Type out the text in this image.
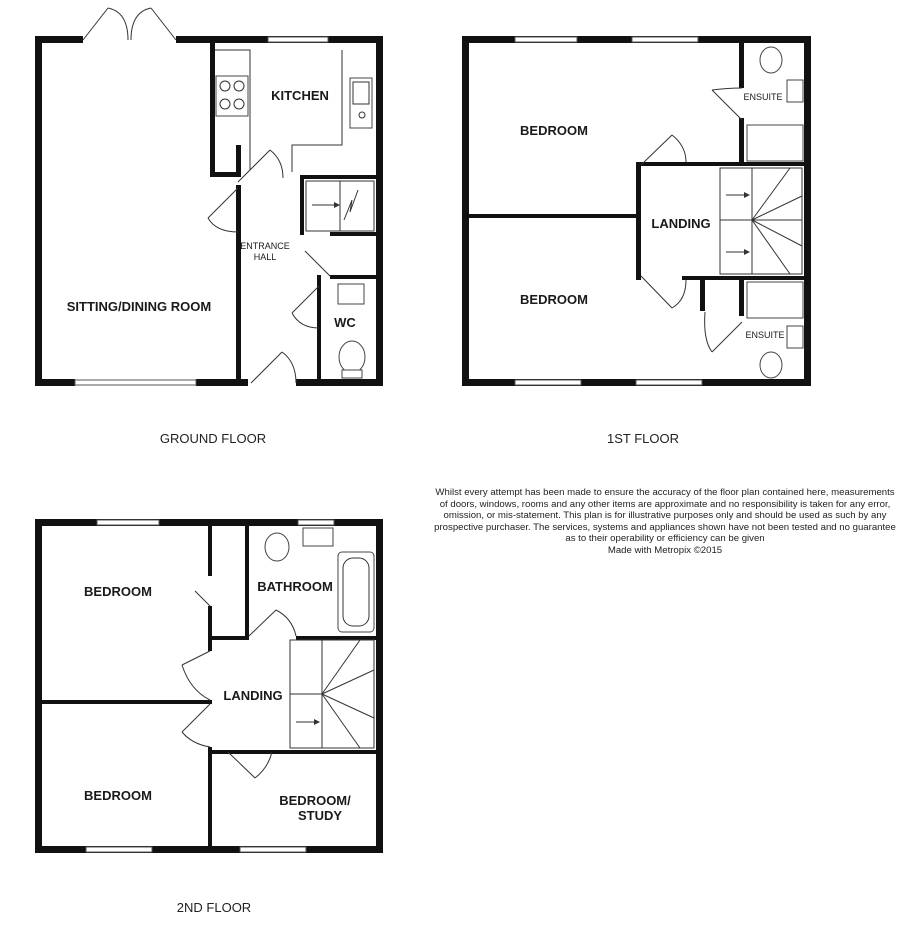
KITCHEN
ENTRANCE
HALL
SITTING/DINING ROOM
WC
GROUND FLOOR
BEDROOM
BEDROOM
LANDING
ENSUITE
ENSUITE
1ST FLOOR
BEDROOM
BEDROOM
BATHROOM
LANDING
BEDROOM/
STUDY
2ND FLOOR
Whilst every attempt has been made to ensure the accuracy of the floor plan contained here, measurements
of doors, windows, rooms and any other items are approximate and no responsibility is taken for any error,
omission, or mis-statement. This plan is for illustrative purposes only and should be used as such by any
prospective purchaser. The services, systems and appliances shown have not been tested and no guarantee
as to their operability or efficiency can be given
Made with Metropix ©2015
